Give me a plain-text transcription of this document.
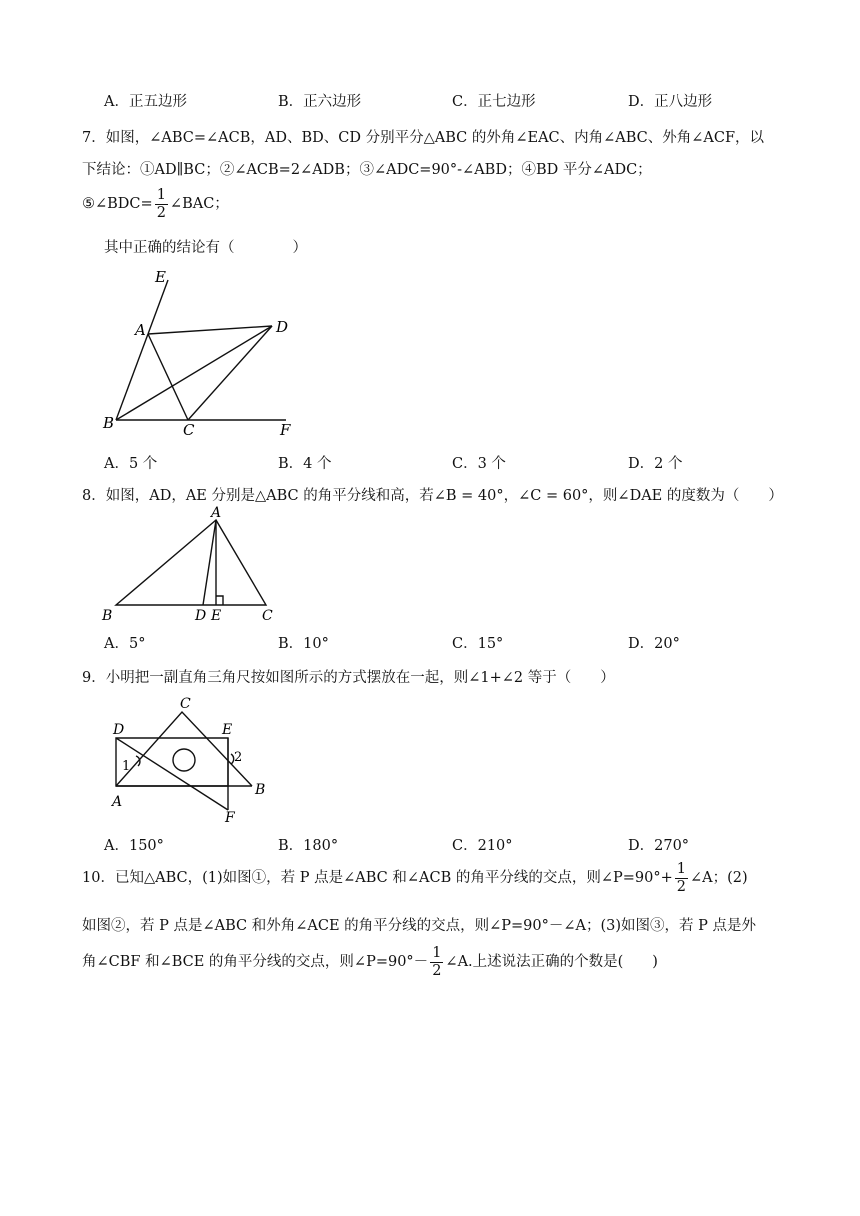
A．正五边形	B．正六边形	C．正七边形	D．正八边形
7．如图，∠ABC=∠ACB，AD、BD、CD 分别平分△ABC 的外角∠EAC、内角∠ABC、外角∠ACF，以
下结论：①AD∥BC；②∠ACB=2∠ADB；③∠ADC=90°-∠ABD；④BD 平分∠ADC；
⑤∠BDC= $\frac{1}{2}$ ∠BAC；
其中正确的结论有（　　　　）
E
A	D
B	C	F
A．5 个	B．4 个	C．3 个	D．2 个
8．如图，AD，AE 分别是△ABC 的角平分线和高，若∠B = 40°，∠C = 60°，则∠DAE 的度数为（　　）
A
B	D E	C
A．5°	B．10°	C．15°	D．20°
9．小明把一副直角三角尺按如图所示的方式摆放在一起，则∠1+∠2 等于（　　）
C
D	E
1
2
A
B
F
A．150°	B．180°	C．210°	D．270°
10．已知△ABC，(1)如图①，若 P 点是∠ABC 和∠ACB 的角平分线的交点，则∠P=90°+ $\frac{1}{2}$ ∠A；(2)
如图②，若 P 点是∠ABC 和外角∠ACE 的角平分线的交点，则∠P=90°－∠A；(3)如图③，若 P 点是外
角∠CBF 和∠BCE 的角平分线的交点，则∠P=90°－ $\frac{1}{2}$ ∠A.上述说法正确的个数是(　　)
